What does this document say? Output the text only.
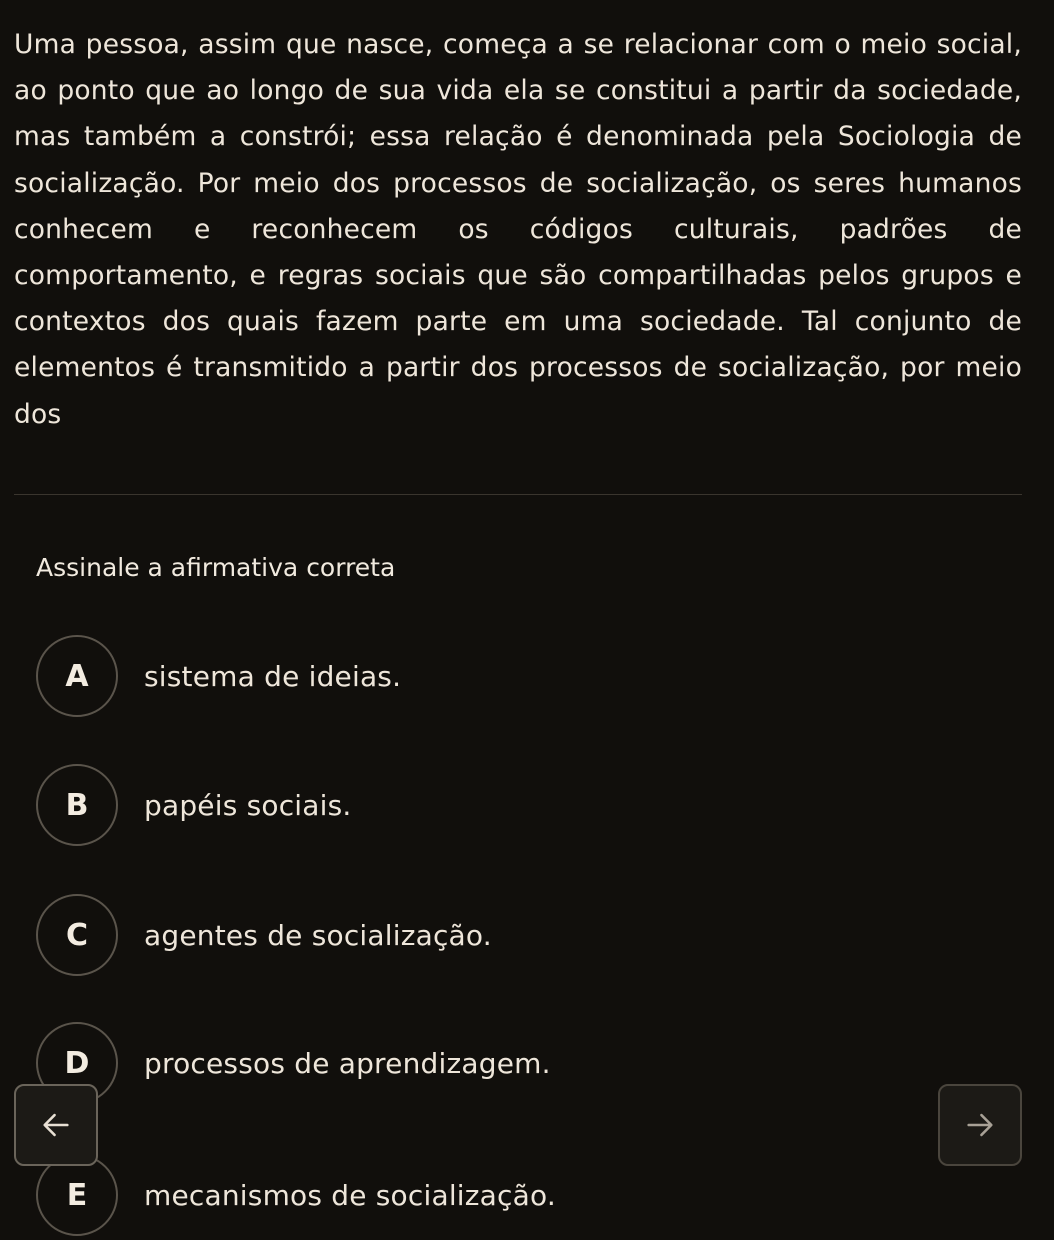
Uma pessoa, assim que nasce, começa a se relacionar com o meio social, ao ponto que ao longo de sua vida ela se constitui a partir da sociedade, mas também a constrói; essa relação é denominada pela Sociologia de socialização. Por meio dos processos de socialização, os seres humanos conhecem e reconhecem os códigos culturais, padrões de comportamento, e regras sociais que são compartilhadas pelos grupos e contextos dos quais fazem parte em uma sociedade. Tal conjunto de elementos é transmitido a partir dos processos de socialização, por meio dos
Assinale a afirmativa correta
A	sistema de ideias.
B	papéis sociais.
C	agentes de socialização.
D	processos de aprendizagem.
E	mecanismos de socialização.
